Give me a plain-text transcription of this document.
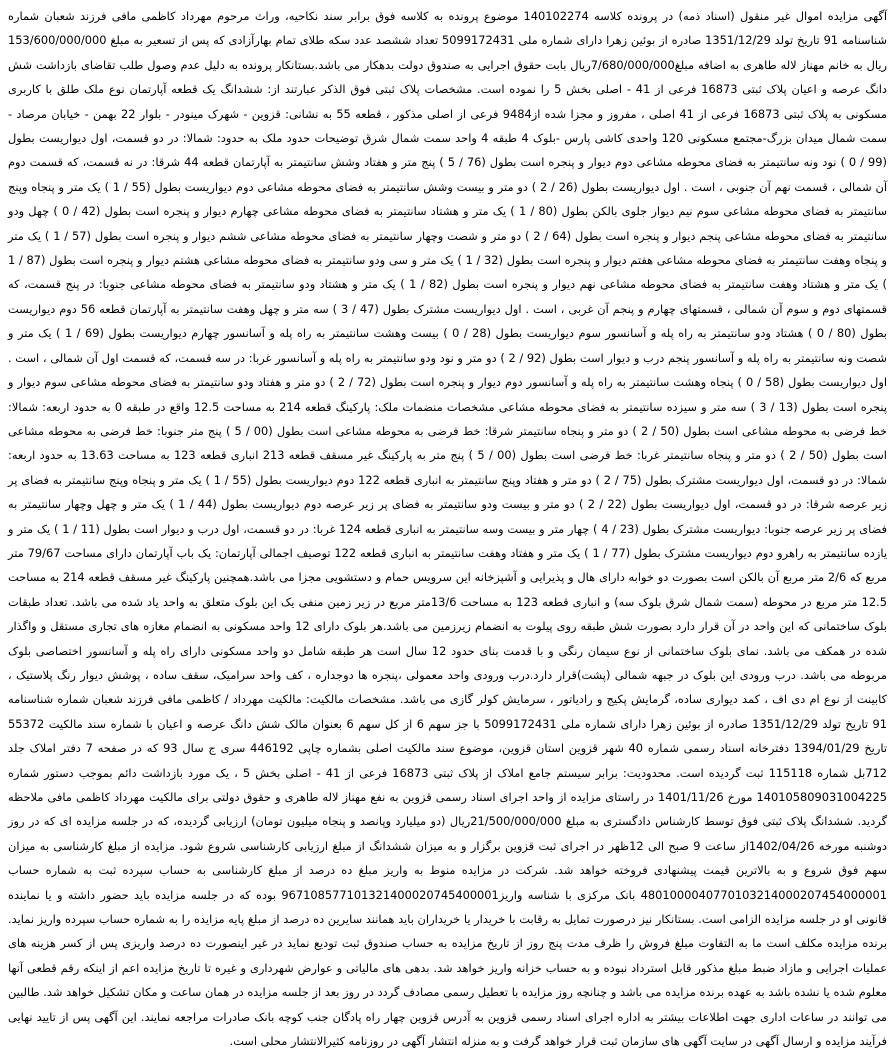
آگهی مزایده اموال غیر منقول (اسناد ذمه) در پرونده کلاسه 140102274 موضوع پرونده به کلاسه فوق برابر سند نکاحیه، وراث مرحوم مهرداد کاظمی مافی فرزند شعبان شماره شناسنامه 91 تاریخ تولد 1351/12/29 صادره از بوئین زهرا دارای شماره ملی 5099172431 تعداد ششصد عدد سکه طلای تمام بهارآزادی که پس از تسعیر به مبلغ 153/600/000/000 ریال به خانم مهناز لاله طاهری به اضافه مبلغ7/680/000/000ریال بابت حقوق اجرایی به صندوق دولت بدهکار می باشد.بستانکار پرونده به دلیل عدم وصول طلب تقاضای بازداشت شش دانگ عرصه و اعیان پلاک ثبتی 16873 فرعی از 41 - اصلی بخش 5 را نموده است. مشخصات پلاک ثبتی فوق الذکر عبارتند از: ششدانگ یک قطعه آپارتمان نوع ملک طلق با کاربری مسکونی به پلاک ثبتی 16873 فرعی از 41 اصلی ، مفروز و مجزا شده از9484 فرعی از اصلی مذکور ، قطعه 55 به نشانی: قزوین - شهرک مینودر - بلوار 22 بهمن - خیابان مرصاد - سمت شمال میدان بزرگ-مجتمع مسکونی 120 واحدی کاشی پارس -بلوک 4 طبقه 4 واحد سمت شمال شرق توضیحات حدود ملک به حدود: شمالا: در دو قسمت، اول دیواریست بطول (99 / 0 ) نود ونه سانتیمتر به فضای محوطه مشاعی دوم دیوار و پنجره است بطول (76 / 5 ) پنج متر و هفتاد وشش سانتیمتر به آپارتمان قطعه 44 شرقا: در نه قسمت، که قسمت دوم آن شمالی ، قسمت نهم آن جنوبی ، است . اول دیواریست بطول (26 / 2 ) دو متر و بیست وشش سانتیمتر به فضای محوطه مشاعی دوم دیواریست بطول (55 / 1 ) یک متر و پنجاه وپنج سانتیمتر به فضای محوطه مشاعی سوم نیم دیوار جلوی بالکن بطول (80 / 1 ) یک متر و هشتاد سانتیمتر به فضای محوطه مشاعی چهارم دیوار و پنجره است بطول (42 / 0 ) چهل ودو سانتیمتر به فضای محوطه مشاعی پنجم دیوار و پنجره است بطول (64 / 2 ) دو متر و شصت وچهار سانتیمتر به فضای محوطه مشاعی ششم دیوار و پنجره است بطول (57 / 1 ) یک متر و پنجاه وهفت سانتیمتر به فضای محوطه مشاعی هفتم دیوار و پنجره است بطول (32 / 1 ) یک متر و سی ودو سانتیمتر به فضای محوطه مشاعی هشتم دیوار و پنجره است بطول (87 / 1 ) یک متر و هشتاد وهفت سانتیمتر به فضای محوطه مشاعی نهم دیوار و پنجره است بطول (82 / 1 ) یک متر و هشتاد ودو سانتیمتر به فضای محوطه مشاعی جنوبا: در پنج قسمت، که قسمتهای دوم و سوم آن شمالی ، قسمتهای چهارم و پنجم آن غربی ، است . اول دیواریست مشترک بطول (47 / 3 ) سه متر و چهل وهفت سانتیمتر به آپارتمان قطعه 56 دوم دیواریست بطول (80 / 0 ) هشتاد ودو سانتیمتر به راه پله و آسانسور سوم دیواریست بطول (28 / 0 ) بیست وهشت سانتیمتر به راه پله و آسانسور چهارم دیواریست بطول (69 / 1 ) یک متر و شصت ونه سانتیمتر به راه پله و آسانسور پنجم درب و دیوار است بطول (92 / 2 ) دو متر و نود ودو سانتیمتر به راه پله و آسانسور غربا: در سه قسمت، که قسمت اول آن شمالی ، است . اول دیواریست بطول (58 / 0 ) پنجاه وهشت سانتیمتر به راه پله و آسانسور دوم دیوار و پنجره است بطول (72 / 2 ) دو متر و هفتاد ودو سانتیمتر به فضای محوطه مشاعی سوم دیوار و پنجره است بطول (13 / 3 ) سه متر و سیزده سانتیمتر به فضای محوطه مشاعی مشخصات منضمات ملک: پارکینگ قطعه 214 به مساحت 12.5 واقع در طبقه 0 به حدود اربعه: شمالا: خط فرضی به محوطه مشاعی است بطول (50 / 2 ) دو متر و پنجاه سانتیمتر شرقا: خط فرضی به محوطه مشاعی است بطول (00 / 5 ) پنج متر جنوبا: خط فرضی به محوطه مشاعی است بطول (50 / 2 ) دو متر و پنجاه سانتیمتر غربا: خط فرضی است بطول (00 / 5 ) پنج متر به پارکینگ غیر مسقف قطعه 213 انباری قطعه 123 به مساحت 13.63 به حدود اربعه: شمالا: در دو قسمت، اول دیواریست مشترک بطول (75 / 2 ) دو متر و هفتاد وپنج سانتیمتر به انباری قطعه 122 دوم دیواریست بطول (55 / 1 ) یک متر و پنجاه وپنج سانتیمتر به فضای پر زیر عرصه شرقا: در دو قسمت، اول دیواریست بطول (22 / 2 ) دو متر و بیست ودو سانتیمتر به فضای پر زیر عرصه دوم دیواریست بطول (44 / 1 ) یک متر و چهل وچهار سانتیمتر به فضای پر زیر عرصه جنوبا: دیواریست مشترک بطول (23 / 4 ) چهار متر و بیست وسه سانتیمتر به انباری قطعه 124 غربا: در دو قسمت، اول درب و دیوار است بطول (11 / 1 ) یک متر و یازده سانتیمتر به راهرو دوم دیواریست مشترک بطول (77 / 1 ) یک متر و هفتاد وهفت سانتیمتر به انباری قطعه 122 توصیف اجمالی آپارتمان: یک باب آپارتمان دارای مساحت 79/67 متر مربع که 2/6 متر مربع آن بالکن است بصورت دو خوابه دارای هال و پذیرایی و آشپزخانه این سرویس حمام و دستشویی مجزا می باشد.همچنین پارکینگ غیر مسقف قطعه 214 به مساحت 12.5 متر مربع در محوطه (سمت شمال شرق بلوک سه) و انباری قطعه 123 به مساحت 13/6متر مربع در زیر زمین منفی یک این بلوک متعلق به واحد یاد شده می باشد. تعداد طبقات بلوک ساختمانی که این واحد در آن قرار دارد بصورت شش طبقه روی پیلوت به انضمام زیرزمین می باشد.هر بلوک دارای 12 واحد مسکونی به انضمام مغازه های تجاری مستقل و واگذار شده در همکف می باشد. نمای بلوک ساختمانی از نوع سیمان رنگی و با قدمت بنای حدود 12 سال است هر طبقه شامل دو واحد مسکونی دارای راه پله و آسانسور اختصاصی بلوک مربوطه می باشد. درب ورودی این بلوک در جبهه شمالی (پشت)قرار دارد.درب ورودی واحد معمولی ،پنجره ها دوجداره ، کف واحد سرامیک، سقف ساده ، پوشش دیوار رنگ پلاستیک ، کابینت از نوع ام دی اف ، کمد دیواری ساده، گرمایش پکیج و رادیاتور ، سرمایش کولر گازی می باشد. مشخصات مالکیت: مالکیت مهرداد / کاظمی مافی فرزند شعبان شماره شناسنامه 91 تاریخ تولد 1351/12/29 صادره از بوئین زهرا دارای شماره ملی 5099172431 با جز سهم 6 از کل سهم 6 بعنوان مالک شش دانگ عرصه و اعیان با شماره سند مالکیت 55372 تاریخ 1394/01/29 دفترخانه اسناد رسمی شماره 40 شهر قزوین استان قزوین، موضوع سند مالکیت اصلی بشماره چاپی 446192 سری ج سال 93 که در صفحه 7 دفتر املاک جلد 712بل شماره 115118 ثبت گردیده است. محدودیت: برابر سیستم جامع املاک از پلاک ثبتی 16873 فرعی از 41 - اصلی بخش 5 ، یک مورد بازداشت دائم بموجب دستور شماره 140105809031004225 مورخ 1401/11/26 در راستای مزایده از واحد اجرای اسناد رسمی قزوین به نفع مهناز لاله طاهری و حقوق دولتی برای مالکیت مهرداد کاظمی مافی ملاحظه گردید. ششدانگ پلاک ثبتی فوق توسط کارشناس دادگستری به مبلغ 21/500/000/000ریال (دو میلیارد وپانصد و پنجاه میلیون تومان) ارزیابی گردیده، که در جلسه مزایده ای که در روز دوشنبه مورخه 1402/04/26از ساعت 9 صبح الی 12ظهر در اجرای ثبت قزوین برگزار و به میزان ششدانگ از مبلغ ارزیابی کارشناسی شروع شود. مزایده از مبلغ کارشناسی به میزان سهم فوق شروع و به بالاترین قیمت پیشنهادی فروخته خواهد شد. شرکت در مزایده منوط به واریز مبلغ ده درصد از مبلغ کارشناسی به حساب سپرده ثبت به شماره حساب 4801000040770103214000207454000001 بانک مرکزی با شناسه واریز967108577101321400020745400001 بوده که در جلسه مزایده باید حضور داشته و یا نماینده قانونی او در جلسه مزایده الزامی است. بستانکار نیز درصورت تمایل به رقابت با خریدار یا خریداران باید همانند سایرین ده درصد از مبلغ پایه مزایده را به شماره حساب سپرده واریز نماید. برنده مزایده مکلف است ما به التفاوت مبلغ فروش را ظرف مدت پنج روز از تاریخ مزایده به حساب صندوق ثبت تودیع نماید در غیر اینصورت ده درصد واریزی پس از کسر هزینه های عملیات اجرایی و مازاد ضبط مبلغ مذکور قابل استرداد نبوده و به حساب خزانه واریز خواهد شد. بدهی های مالیاتی و عوارض شهرداری و غیره تا تاریخ مزایده اعم از اینکه رقم قطعی آنها معلوم شده یا نشده باشد به عهده برنده مزایده می باشد و چنانچه روز مزایده با تعطیل رسمی مصادف گردد در روز بعد از جلسه مزایده در همان ساعت و مکان تشکیل خواهد شد. طالبین می توانند در ساعات اداری جهت اطلاعات بیشتر به اداره اجرای اسناد رسمی قزوین به آدرس قزوین چهار راه پادگان جنب کوچه بانک صادرات مراجعه نمایند. این آگهی پس از تایید نهایی فرآیند مزایده و ارسال آگهی در سایت آگهی های سازمان ثبت قرار خواهد گرفت و به منزله انتشار آگهی در روزنامه کثیرالانتشار محلی است.
